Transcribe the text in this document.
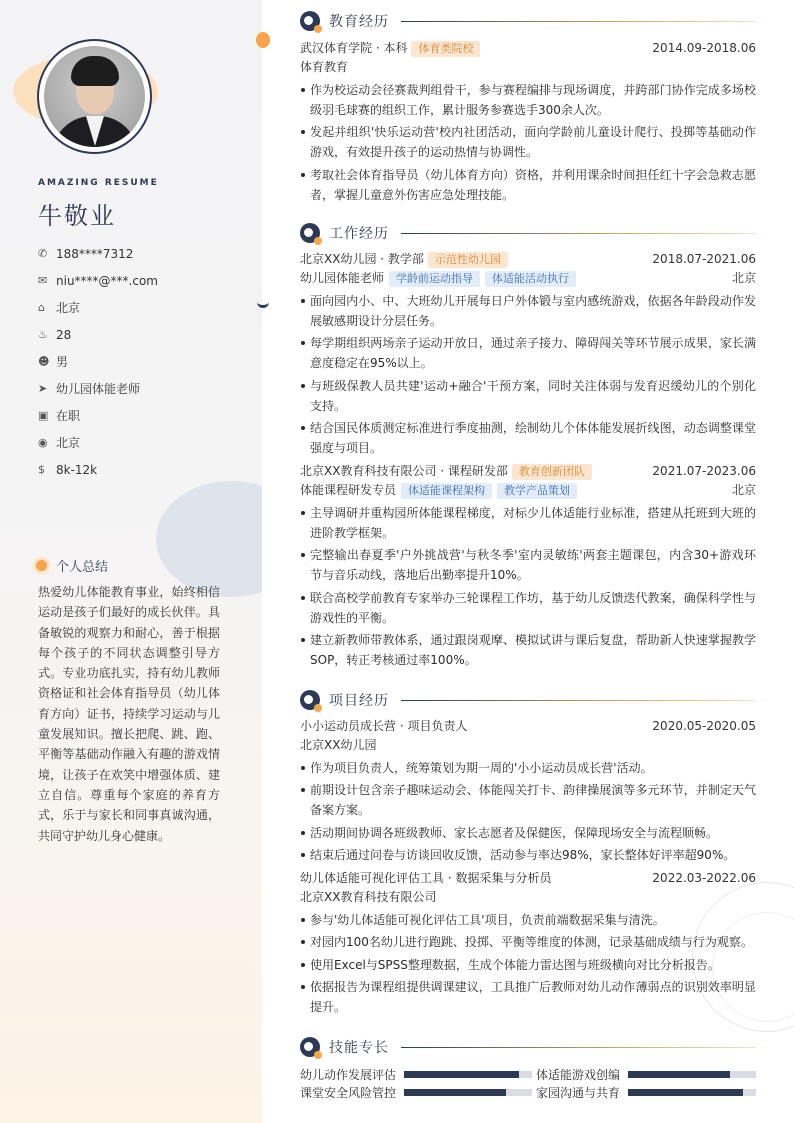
AMAZING RESUME
牛敬业
✆ 188****7312
✉ niu****@***.com
⌂ 北京
♨ 28
☻ 男
➤ 幼儿园体能老师
▣ 在职
◉ 北京
$ 8k-12k
个人总结
热爱幼儿体能教育事业，始终相信运动是孩子们最好的成长伙伴。具备敏锐的观察力和耐心，善于根据每个孩子的不同状态调整引导方式。专业功底扎实，持有幼儿教师资格证和社会体育指导员（幼儿体育方向）证书，持续学习运动与儿童发展知识。擅长把爬、跳、跑、平衡等基础动作融入有趣的游戏情境，让孩子在欢笑中增强体质、建立自信。尊重每个家庭的养育方式，乐于与家长和同事真诚沟通，共同守护幼儿身心健康。
教育经历
武汉体育学院 · 本科	体育类院校	2014.09-2018.06
体育教育
作为校运动会径赛裁判组骨干，参与赛程编排与现场调度，并跨部门协作完成多场校级羽毛球赛的组织工作，累计服务参赛选手300余人次。
发起并组织'快乐运动营'校内社团活动，面向学龄前儿童设计爬行、投掷等基础动作游戏，有效提升孩子的运动热情与协调性。
考取社会体育指导员（幼儿体育方向）资格，并利用课余时间担任红十字会急救志愿者，掌握儿童意外伤害应急处理技能。
工作经历
北京XX幼儿园 · 教学部	示范性幼儿园	2018.07-2021.06
幼儿园体能老师	学龄前运动指导	体适能活动执行	北京
面向园内小、中、大班幼儿开展每日户外体锻与室内感统游戏，依据各年龄段动作发展敏感期设计分层任务。
每学期组织两场亲子运动开放日，通过亲子接力、障碍闯关等环节展示成果，家长满意度稳定在95%以上。
与班级保教人员共建'运动+融合'干预方案，同时关注体弱与发育迟缓幼儿的个别化支持。
结合国民体质测定标准进行季度抽测，绘制幼儿个体体能发展折线图，动态调整课堂强度与项目。
北京XX教育科技有限公司 · 课程研发部	教育创新团队	2021.07-2023.06
体能课程研发专员	体适能课程架构	教学产品策划	北京
主导调研并重构园所体能课程梯度，对标少儿体适能行业标准，搭建从托班到大班的进阶教学框架。
完整输出春夏季'户外挑战营'与秋冬季'室内灵敏练'两套主题课包，内含30+游戏环节与音乐动线，落地后出勤率提升10%。
联合高校学前教育专家举办三轮课程工作坊，基于幼儿反馈迭代教案，确保科学性与游戏性的平衡。
建立新教师带教体系，通过跟岗观摩、模拟试讲与课后复盘，帮助新人快速掌握教学SOP，转正考核通过率100%。
项目经历
小小运动员成长营 · 项目负责人	2020.05-2020.05
北京XX幼儿园
作为项目负责人，统筹策划为期一周的'小小运动员成长营'活动。
前期设计包含亲子趣味运动会、体能闯关打卡、韵律操展演等多元环节，并制定天气备案方案。
活动期间协调各班级教师、家长志愿者及保健医，保障现场安全与流程顺畅。
结束后通过问卷与访谈回收反馈，活动参与率达98%，家长整体好评率超90%。
幼儿体适能可视化评估工具 · 数据采集与分析员	2022.03-2022.06
北京XX教育科技有限公司
参与'幼儿体适能可视化评估工具'项目，负责前端数据采集与清洗。
对园内100名幼儿进行跑跳、投掷、平衡等维度的体测，记录基础成绩与行为观察。
使用Excel与SPSS整理数据，生成个体能力雷达图与班级横向对比分析报告。
依据报告为课程组提供调课建议，工具推广后教师对幼儿动作薄弱点的识别效率明显提升。
技能专长
幼儿动作发展评估	体适能游戏创编
课堂安全风险管控	家园沟通与共育
